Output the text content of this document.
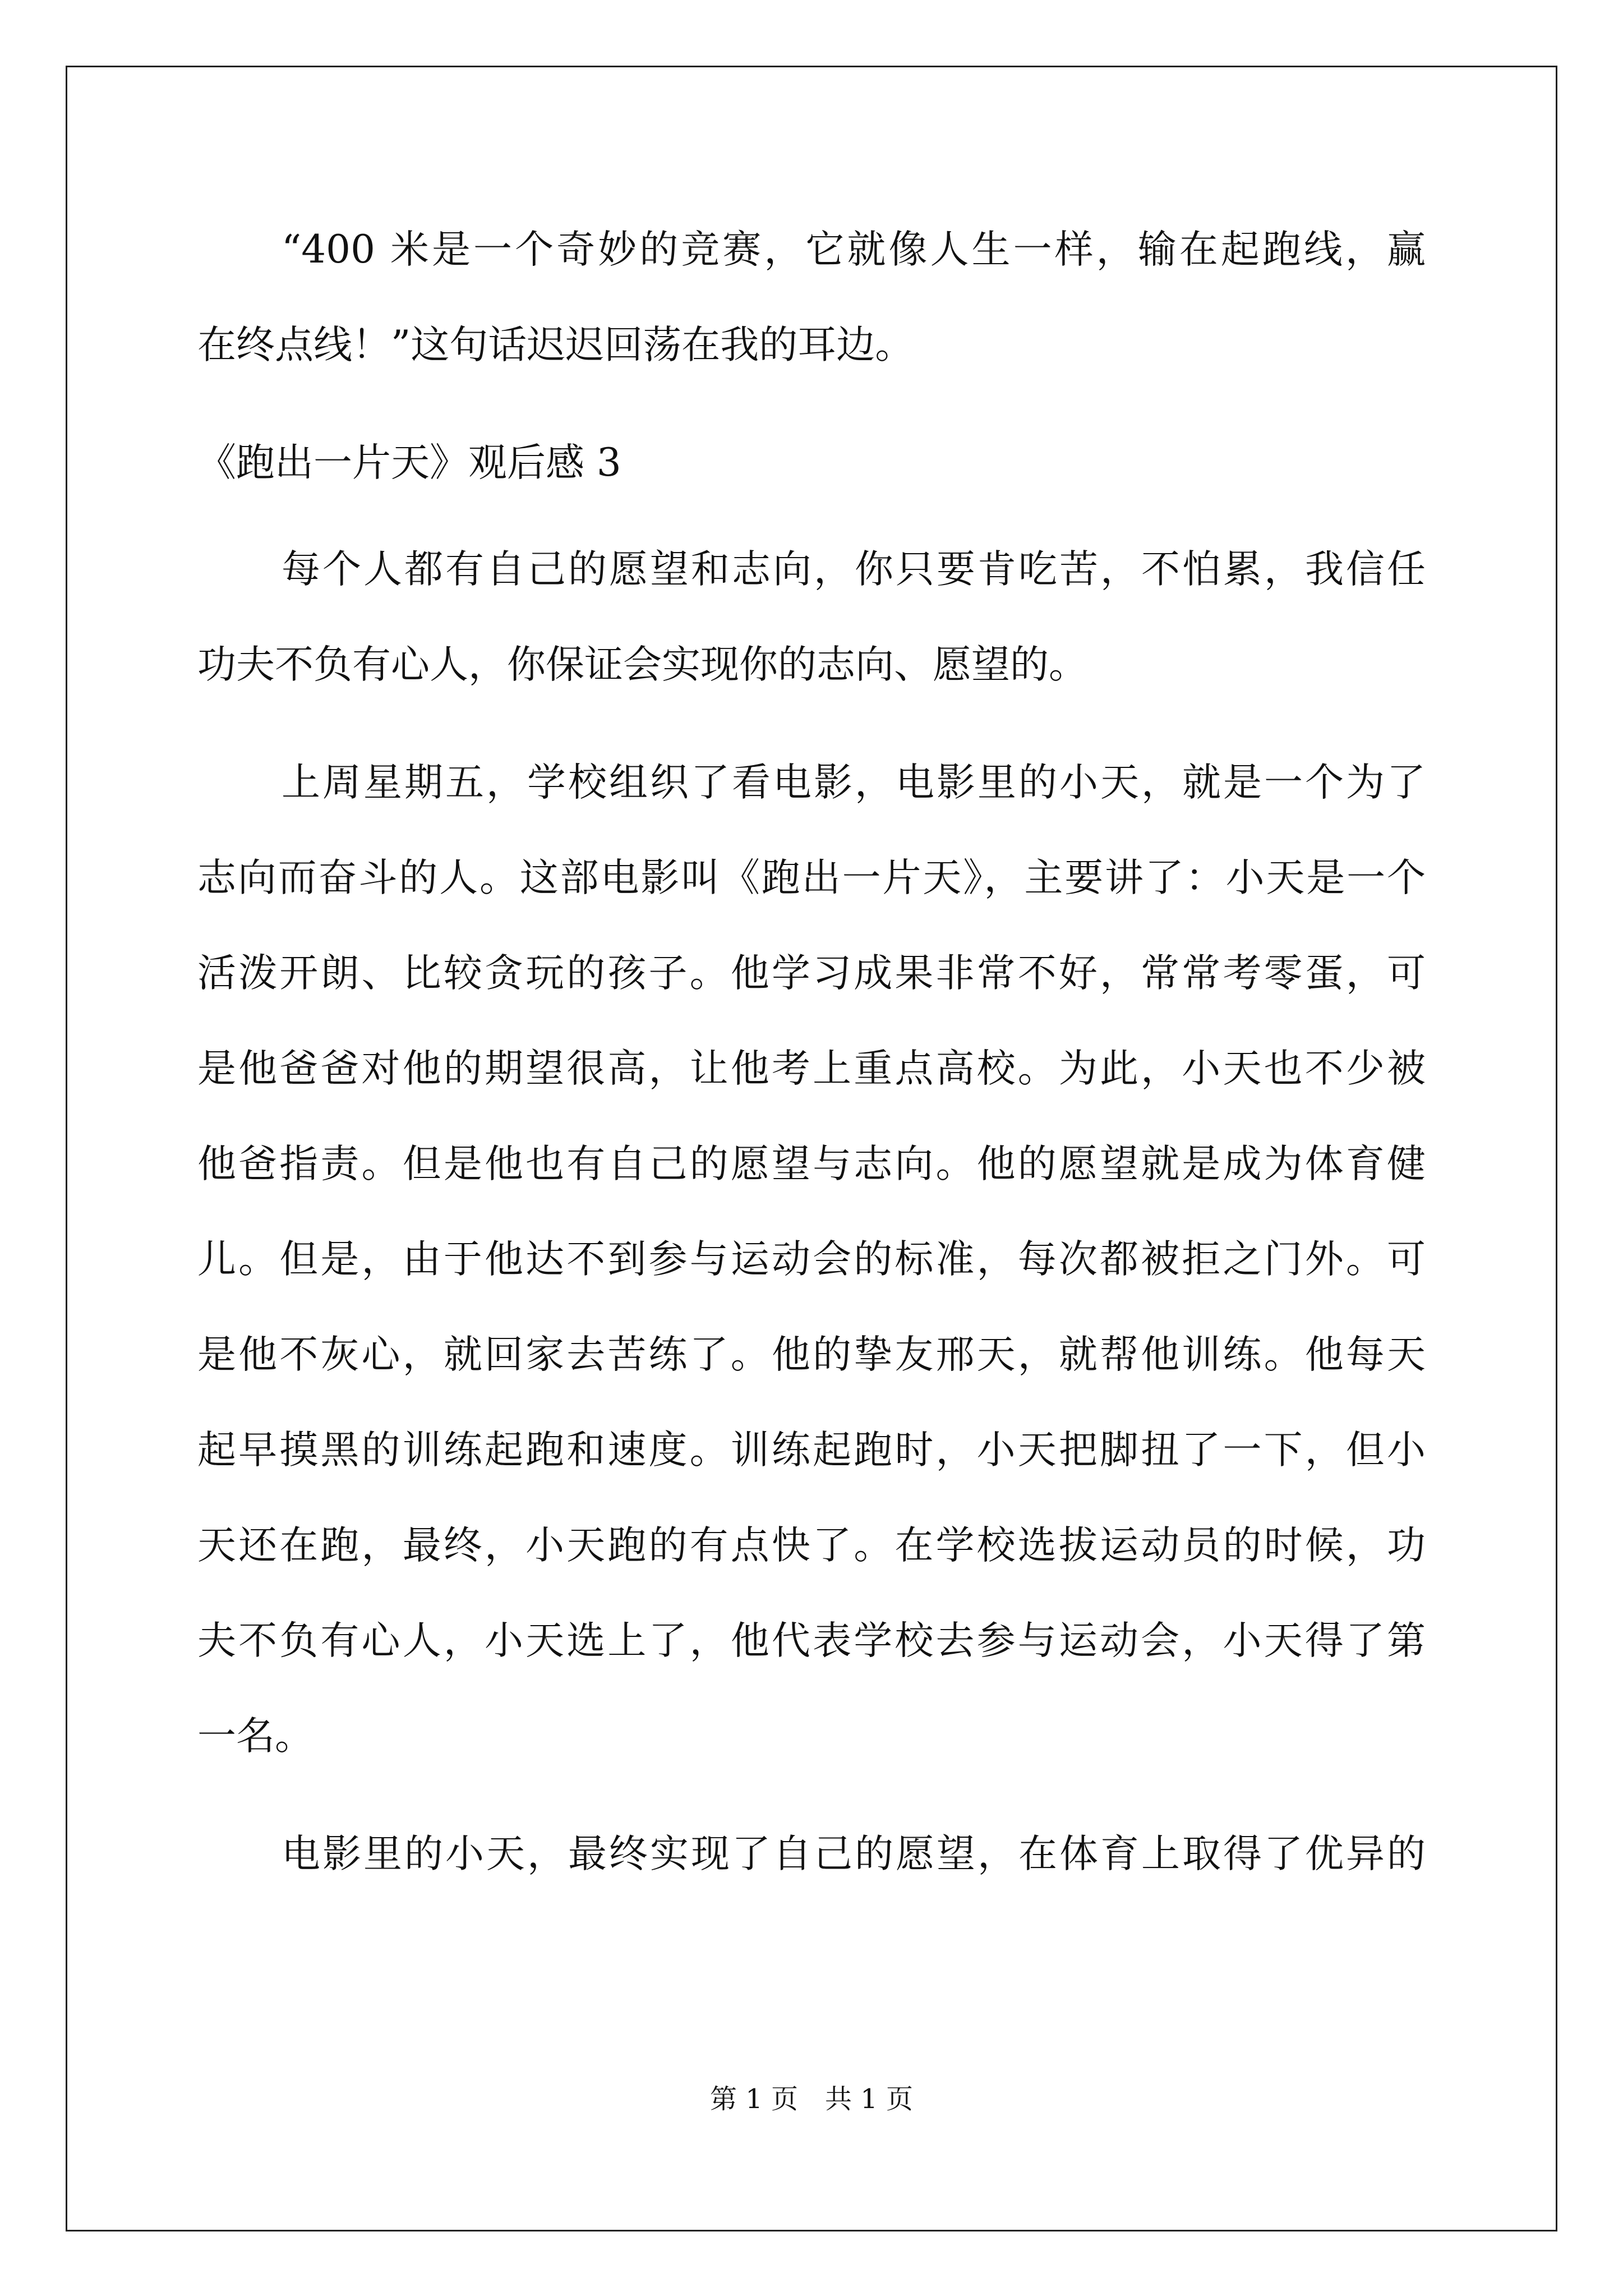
“400 米是一个奇妙的竞赛，它就像人生一样，输在起跑线，赢
在终点线！”这句话迟迟回荡在我的耳边。
《跑出一片天》观后感 3
每个人都有自己的愿望和志向，你只要肯吃苦，不怕累，我信任
功夫不负有心人，你保证会实现你的志向、愿望的。
上周星期五，学校组织了看电影，电影里的小天，就是一个为了
志向而奋斗的人。这部电影叫《跑出一片天》，主要讲了：小天是一个
活泼开朗、比较贪玩的孩子。他学习成果非常不好，常常考零蛋，可
是他爸爸对他的期望很高，让他考上重点高校。为此，小天也不少被
他爸指责。但是他也有自己的愿望与志向。他的愿望就是成为体育健
儿。但是，由于他达不到参与运动会的标准，每次都被拒之门外。可
是他不灰心，就回家去苦练了。他的挚友邢天，就帮他训练。他每天
起早摸黑的训练起跑和速度。训练起跑时，小天把脚扭了一下，但小
天还在跑，最终，小天跑的有点快了。在学校选拔运动员的时候，功
夫不负有心人，小天选上了，他代表学校去参与运动会，小天得了第
一名。
电影里的小天，最终实现了自己的愿望，在体育上取得了优异的
第 1 页　共 1 页
